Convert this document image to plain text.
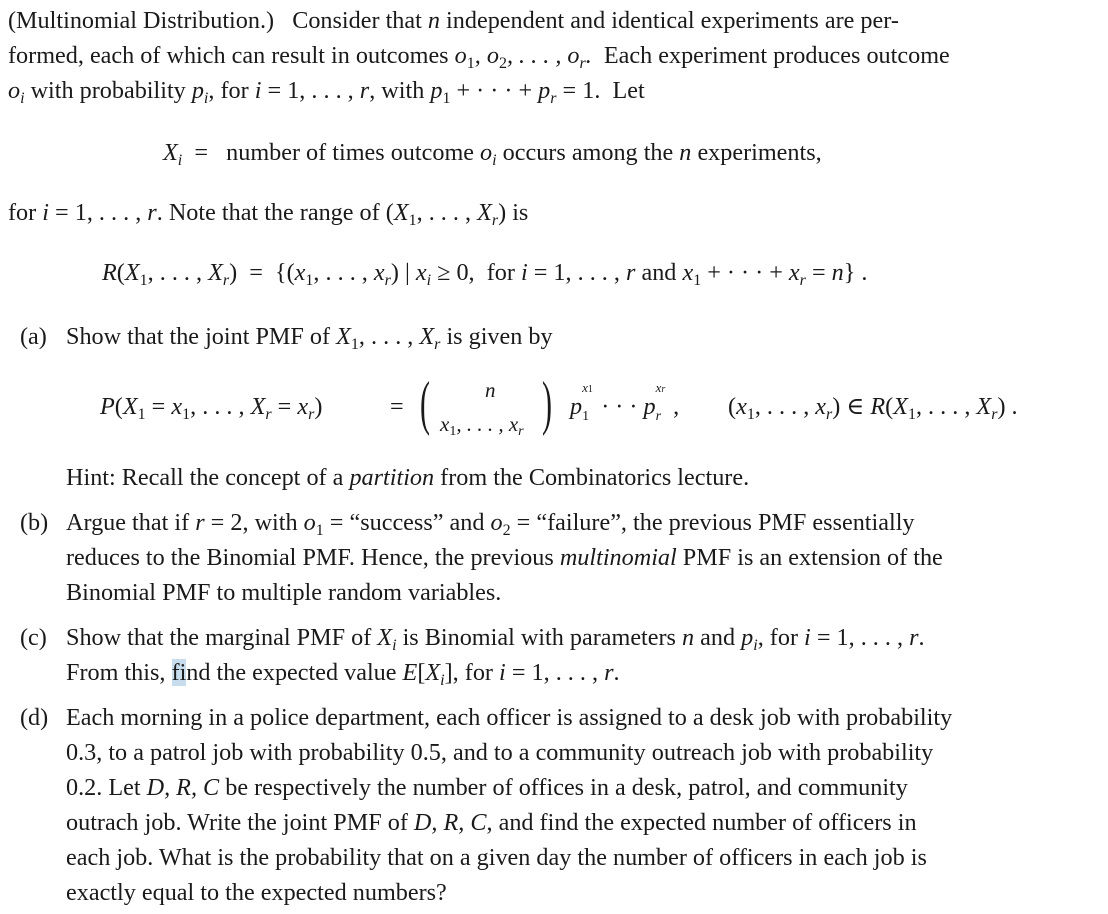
(Multinomial Distribution.) Consider that n independent and identical experiments are per-
formed, each of which can result in outcomes $o_1$, $o_2$, . . . , $o_r$. Each experiment produces outcome
$o_i$ with probability $p_i$, for i = 1, . . . , r, with $p_1$ + · · · + $p_r = 1$.  Let
$X_i$  =   number of times outcome $o_i$ occurs among the n experiments,
for i = 1, . . . , r. Note that the range of ($X_1$, . . . , $X_r$) is
$R(X_1$, . . . , $X_r) = \{(x_1$, . . . , $x_r$) | $x_i \ge 0$,  for i = 1, . . . , r and $x_1$ + · · · + $x_r = n$} .
(a) Show that the joint PMF of $X_1$, . . . , $X_r$ is given by
$P(X_1 = x_1$, . . . , $X_r = x_r$)	= (	n
x1, . . . , xr ) p
x1
$_1$  · · · p
xr
$_r$  , ($x_1$, . . . , $x_r$) ∈ $R(X_1$, . . . , $X_r$) .
Hint: Recall the concept of a partition from the Combinatorics lecture.
(b) Argue that if r = 2, with $o_1$ = “success” and $o_2$ = “failure”, the previous PMF essentially
reduces to the Binomial PMF. Hence, the previous multinomial PMF is an extension of the
Binomial PMF to multiple random variables.
(c) Show that the marginal PMF of $X_i$ is Binomial with parameters n and $p_i$, for i = 1, . . . , r.
From this, find the expected value $E[X_i]$, for i = 1, . . . , r.
(d) Each morning in a police department, each officer is assigned to a desk job with probability
0.3, to a patrol job with probability 0.5, and to a community outreach job with probability
0.2. Let D, R, C be respectively the number of offices in a desk, patrol, and community
outrach job. Write the joint PMF of D, R, C, and find the expected number of officers in
each job. What is the probability that on a given day the number of officers in each job is
exactly equal to the expected numbers?
